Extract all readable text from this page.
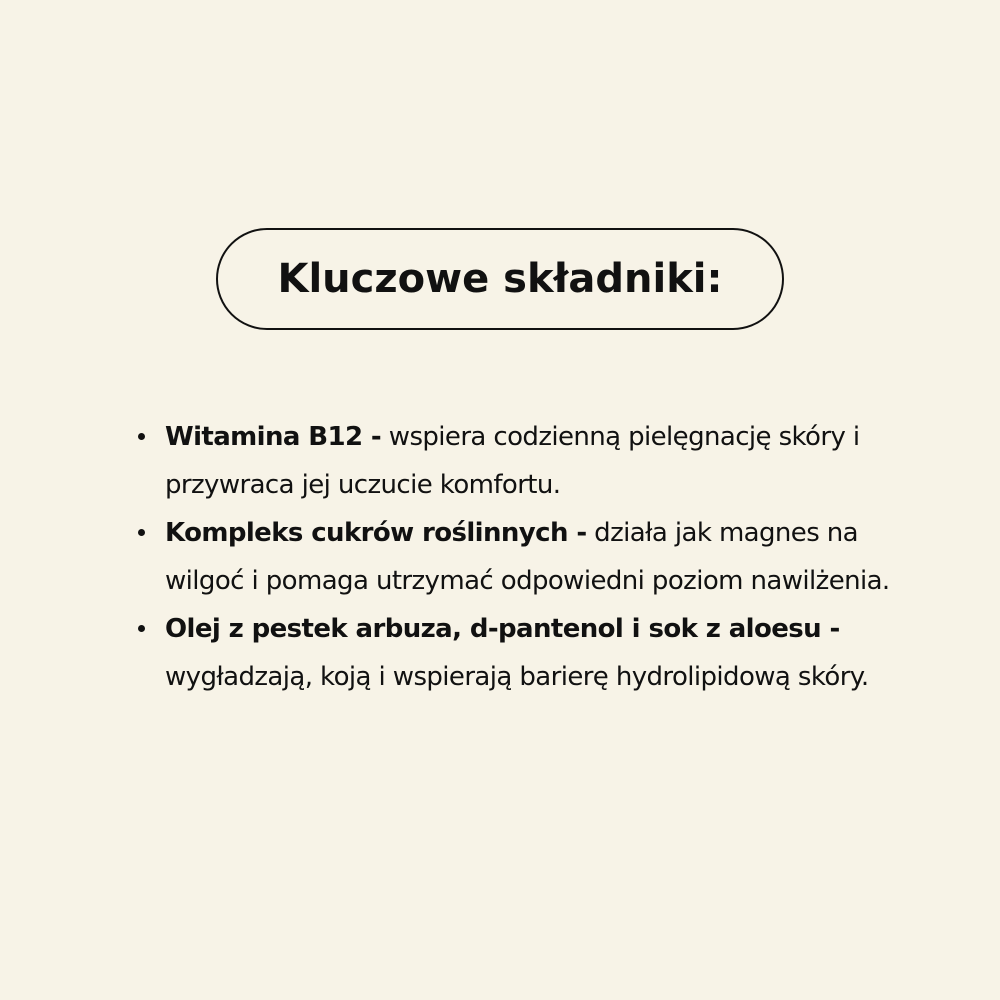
Kluczowe składniki:
Witamina B12 - wspiera codzienną pielęgnację skóry i przywraca jej uczucie komfortu.
Kompleks cukrów roślinnych - działa jak magnes na wilgoć i pomaga utrzymać odpowiedni poziom nawilżenia.
Olej z pestek arbuza, d-pantenol i sok z aloesu - wygładzają, koją i wspierają barierę hydrolipidową skóry.
